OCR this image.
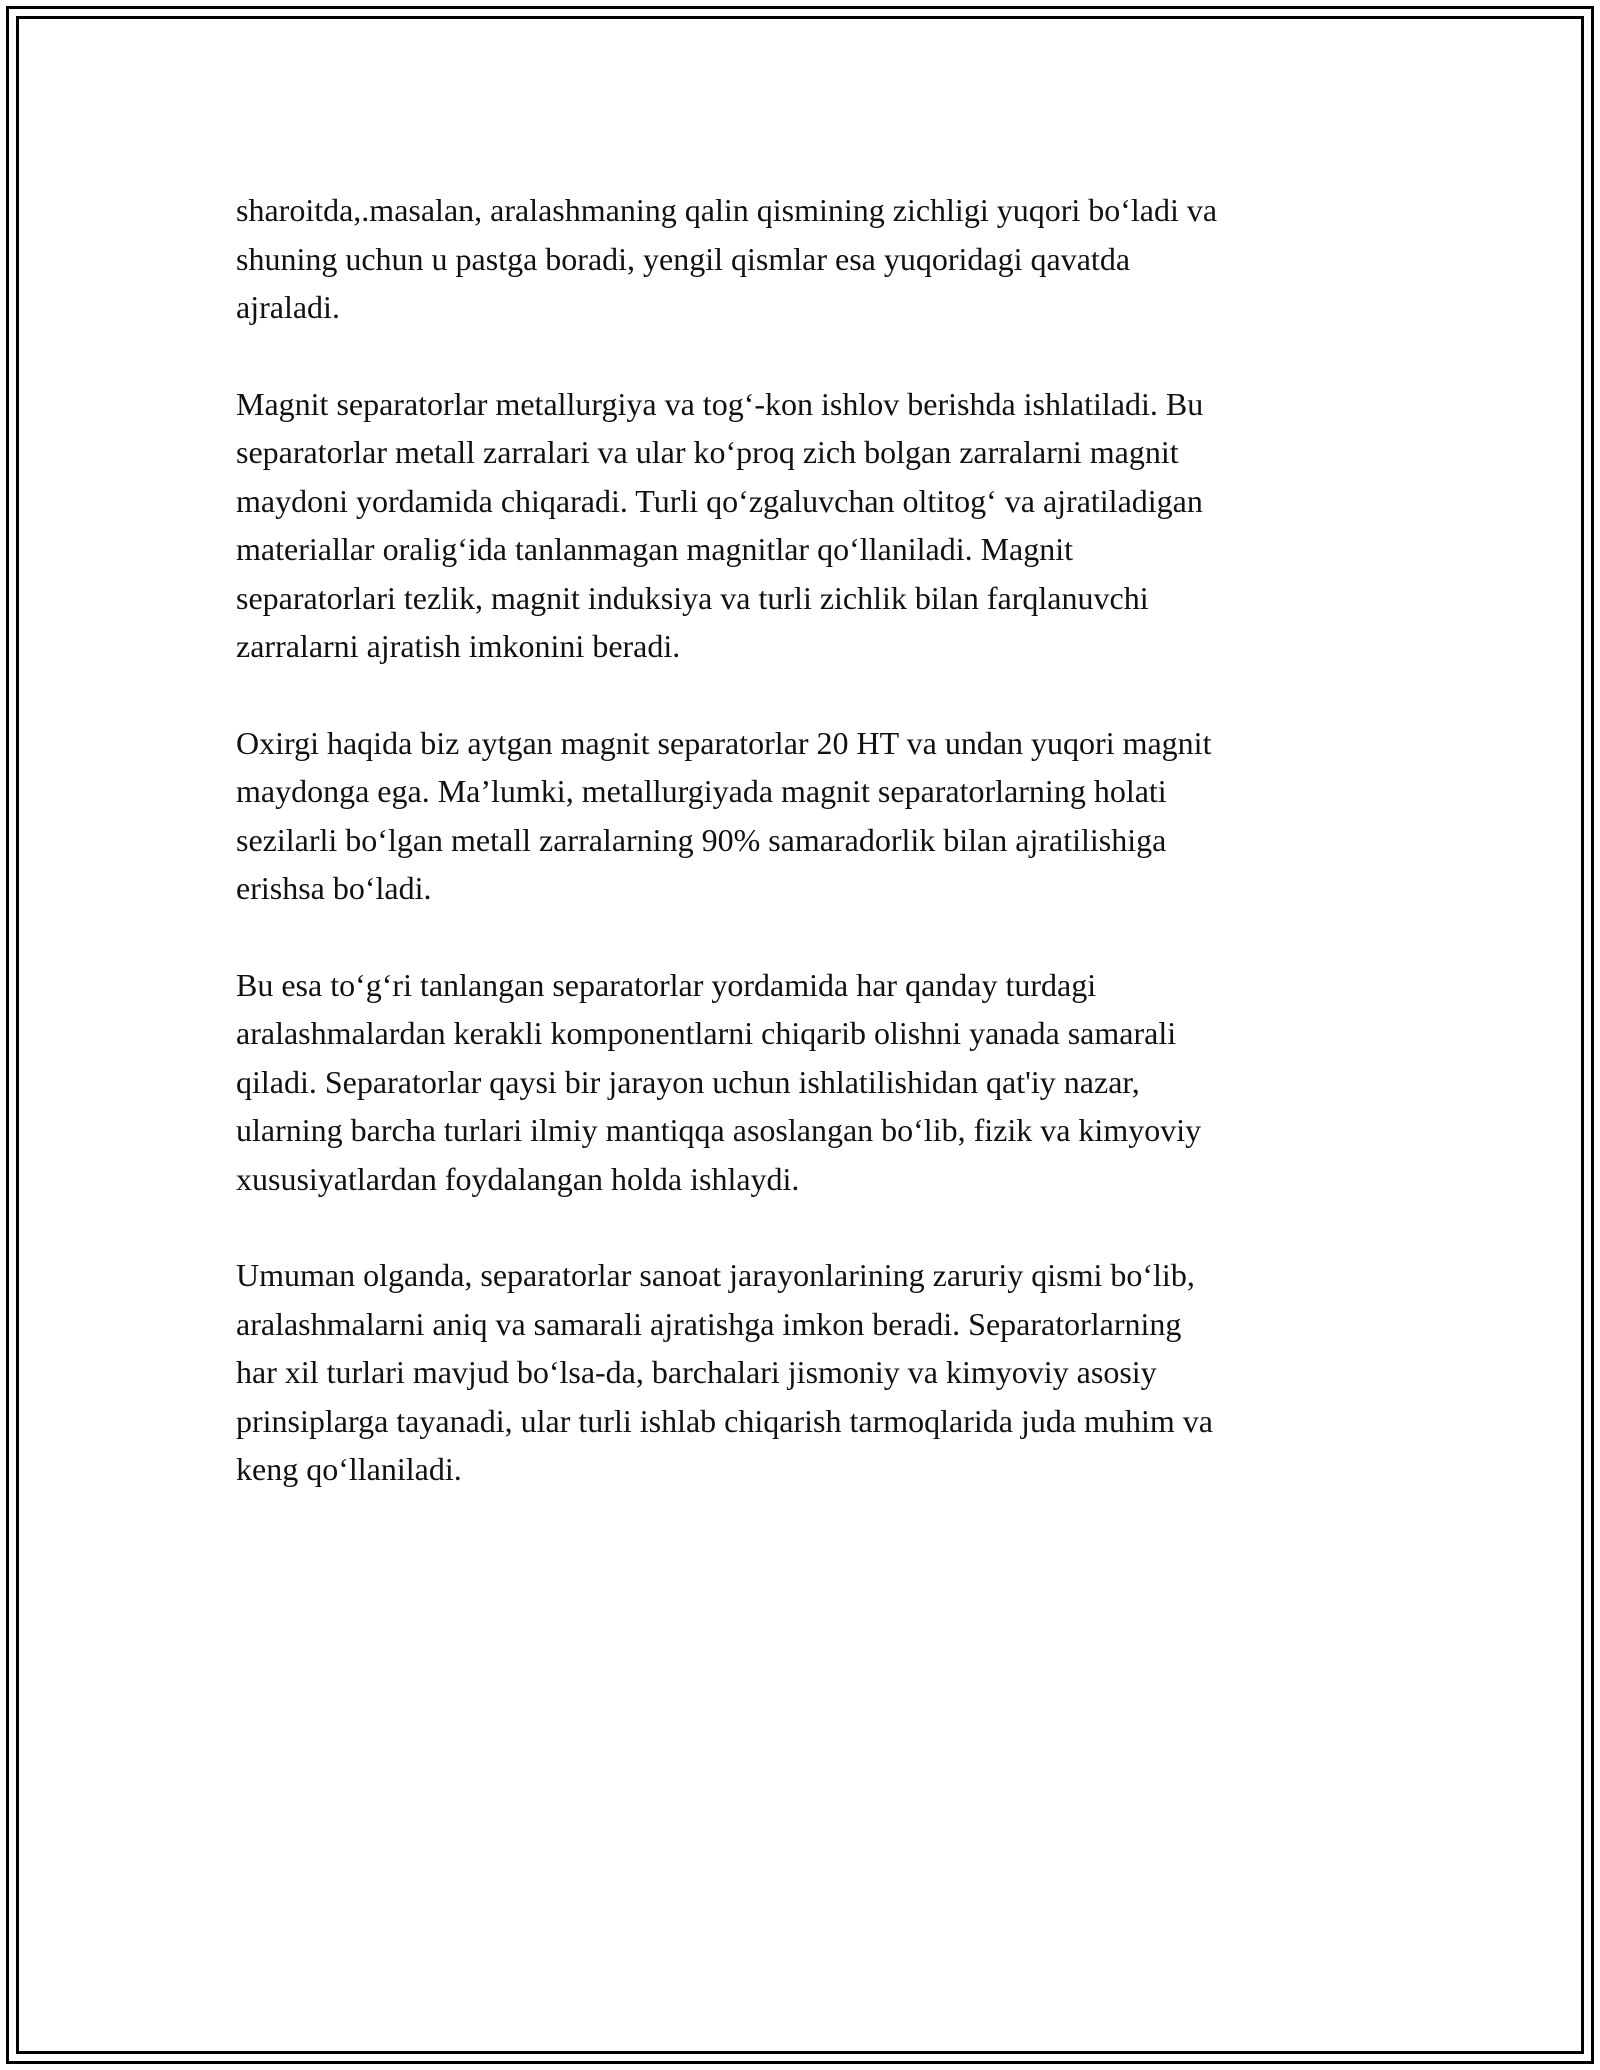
sharoitda,.masalan, aralashmaning qalin qismining zichligi yuqori bo‘ladi va
shuning uchun u pastga boradi, yengil qismlar esa yuqoridagi qavatda
ajraladi.

Magnit separatorlar metallurgiya va tog‘-kon ishlov berishda ishlatiladi. Bu
separatorlar metall zarralari va ular ko‘proq zich bolgan zarralarni magnit
maydoni yordamida chiqaradi. Turli qo‘zgaluvchan oltitog‘ va ajratiladigan
materiallar oralig‘ida tanlanmagan magnitlar qo‘llaniladi. Magnit
separatorlari tezlik, magnit induksiya va turli zichlik bilan farqlanuvchi
zarralarni ajratish imkonini beradi.

Oxirgi haqida biz aytgan magnit separatorlar 20 HT va undan yuqori magnit
maydonga ega. Ma’lumki, metallurgiyada magnit separatorlarning holati
sezilarli bo‘lgan metall zarralarning 90% samaradorlik bilan ajratilishiga
erishsa bo‘ladi.

Bu esa to‘g‘ri tanlangan separatorlar yordamida har qanday turdagi
aralashmalardan kerakli komponentlarni chiqarib olishni yanada samarali
qiladi. Separatorlar qaysi bir jarayon uchun ishlatilishidan qat'iy nazar,
ularning barcha turlari ilmiy mantiqqa asoslangan bo‘lib, fizik va kimyoviy
xususiyatlardan foydalangan holda ishlaydi.

Umuman olganda, separatorlar sanoat jarayonlarining zaruriy qismi bo‘lib,
aralashmalarni aniq va samarali ajratishga imkon beradi. Separatorlarning
har xil turlari mavjud bo‘lsa-da, barchalari jismoniy va kimyoviy asosiy
prinsiplarga tayanadi, ular turli ishlab chiqarish tarmoqlarida juda muhim va
keng qo‘llaniladi.
